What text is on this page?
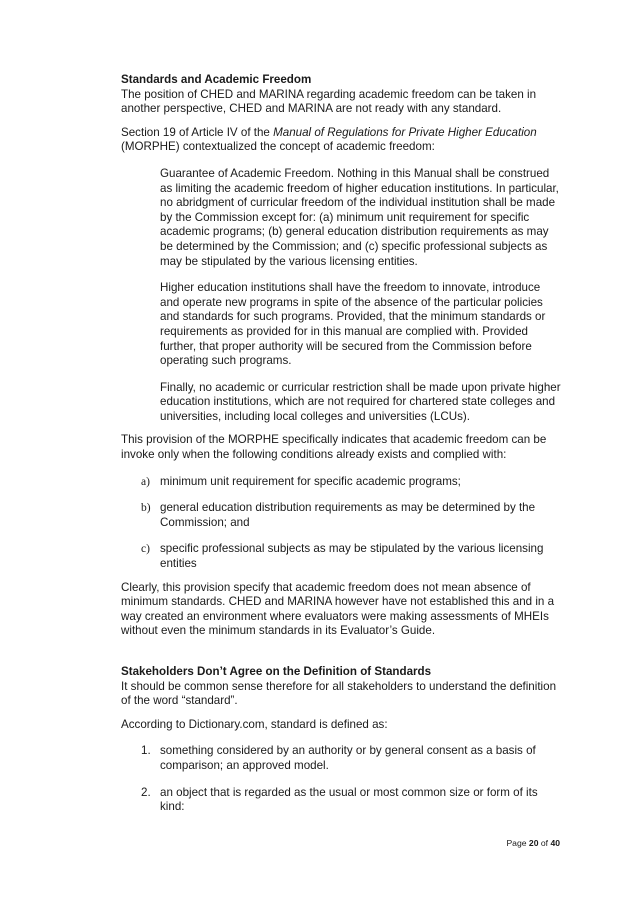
Standards and Academic Freedom

The position of CHED and MARINA regarding academic freedom can be taken in another perspective, CHED and MARINA are not ready with any standard.

Section 19 of Article IV of the Manual of Regulations for Private Higher Education (MORPHE) contextualized the concept of academic freedom:

Guarantee of Academic Freedom. Nothing in this Manual shall be construed as limiting the academic freedom of higher education institutions. In particular, no abridgment of curricular freedom of the individual institution shall be made by the Commission except for: (a) minimum unit requirement for specific academic programs; (b) general education distribution requirements as may be determined by the Commission; and (c) specific professional subjects as may be stipulated by the various licensing entities.

Higher education institutions shall have the freedom to innovate, introduce and operate new programs in spite of the absence of the particular policies and standards for such programs. Provided, that the minimum standards or requirements as provided for in this manual are complied with. Provided further, that proper authority will be secured from the Commission before operating such programs.

Finally, no academic or curricular restriction shall be made upon private higher education institutions, which are not required for chartered state colleges and universities, including local colleges and universities (LCUs).

This provision of the MORPHE specifically indicates that academic freedom can be invoke only when the following conditions already exists and complied with:

a) minimum unit requirement for specific academic programs;
b) general education distribution requirements as may be determined by the Commission; and
c) specific professional subjects as may be stipulated by the various licensing entities

Clearly, this provision specify that academic freedom does not mean absence of minimum standards. CHED and MARINA however have not established this and in a way created an environment where evaluators were making assessments of MHEIs without even the minimum standards in its Evaluator’s Guide.

Stakeholders Don’t Agree on the Definition of Standards

It should be common sense therefore for all stakeholders to understand the definition of the word “standard”.

According to Dictionary.com, standard is defined as:

1. something considered by an authority or by general consent as a basis of comparison; an approved model.
2. an object that is regarded as the usual or most common size or form of its kind:
Page 20 of 40
